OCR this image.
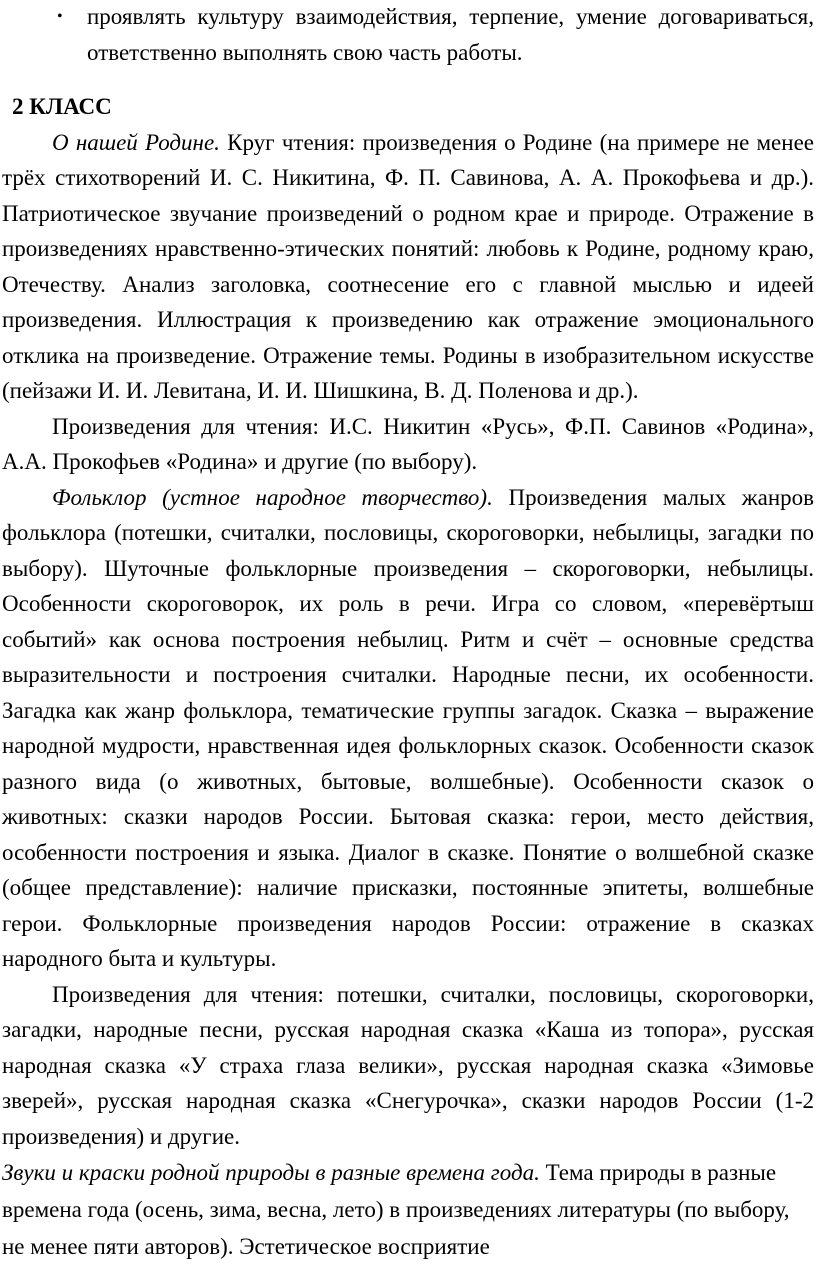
• проявлять культуру взаимодействия, терпение, умение договариваться, ответственно выполнять свою часть работы.
2 КЛАСС

О нашей Родине. Круг чтения: произведения о Родине (на примере не менее трёх стихотворений И. С. Никитина, Ф. П. Савинова, А. А. Прокофьева и др.). Патриотическое звучание произведений о родном крае и природе. Отражение в произведениях нравственно-этических понятий: любовь к Родине, родному краю, Отечеству. Анализ заголовка, соотнесение его с главной мыслью и идеей произведения. Иллюстрация к произведению как отражение эмоционального отклика на произведение. Отражение темы. Родины в изобразительном искусстве (пейзажи И. И. Левитана, И. И. Шишкина, В. Д. Поленова и др.).

Произведения для чтения: И.С. Никитин «Русь», Ф.П. Савинов «Родина», А.А. Прокофьев «Родина» и другие (по выбору).

Фольклор (устное народное творчество). Произведения малых жанров фольклора (потешки, считалки, пословицы, скороговорки, небылицы, загадки по выбору). Шуточные фольклорные произведения – скороговорки, небылицы. Особенности скороговорок, их роль в речи. Игра со словом, «перевёртыш событий» как основа построения небылиц. Ритм и счёт – основные средства выразительности и построения считалки. Народные песни, их особенности. Загадка как жанр фольклора, тематические группы загадок. Сказка – выражение народной мудрости, нравственная идея фольклорных сказок. Особенности сказок разного вида (о животных, бытовые, волшебные). Особенности сказок о животных: сказки народов России. Бытовая сказка: герои, место действия, особенности построения и языка. Диалог в сказке. Понятие о волшебной сказке (общее представление): наличие присказки, постоянные эпитеты, волшебные герои. Фольклорные произведения народов России: отражение в сказках народного быта и культуры.

Произведения для чтения: потешки, считалки, пословицы, скороговорки, загадки, народные песни, русская народная сказка «Каша из топора», русская народная сказка «У страха глаза велики», русская народная сказка «Зимовье зверей», русская народная сказка «Снегурочка», сказки народов России (1-2 произведения) и другие.

Звуки и краски родной природы в разные времена года. Тема природы в разные времена года (осень, зима, весна, лето) в произведениях литературы (по выбору, не менее пяти авторов). Эстетическое восприятие
